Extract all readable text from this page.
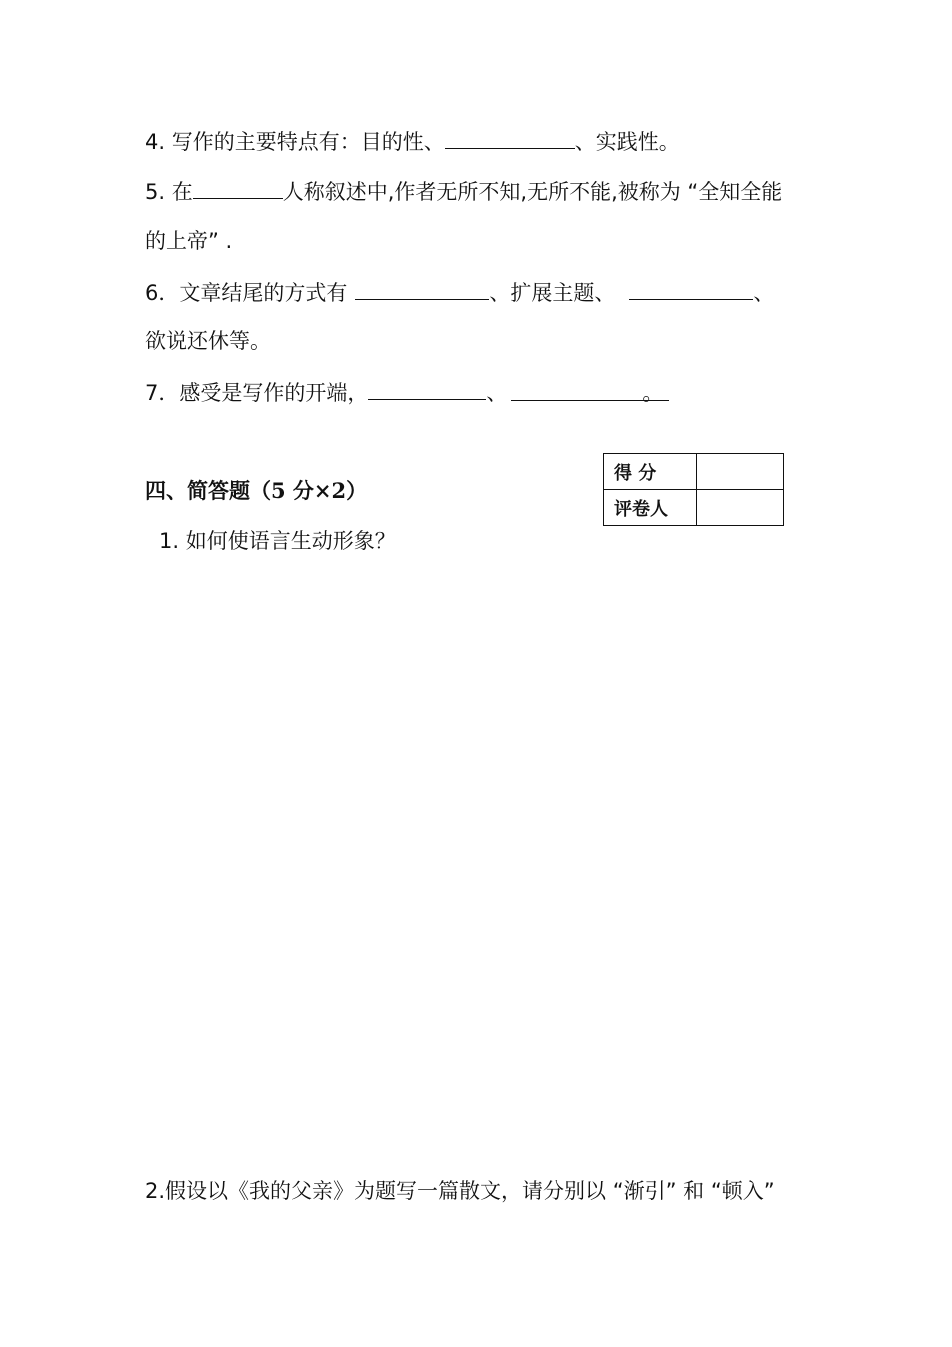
4. 写作的主要特点有：目的性、	、实践性。
5. 在	人称叙述中,作者无所不知,无所不能,被称为 “全知全能
的上帝” .
6．文章结尾的方式有	、扩展主题、	、
欲说还休等。
7．感受是写作的开端，	、	。
四、简答题（5 分×2）
得 分	
评卷人	
1. 如何使语言生动形象？
2.假设以《我的父亲》为题写一篇散文，请分别以 “渐引” 和 “顿入”
